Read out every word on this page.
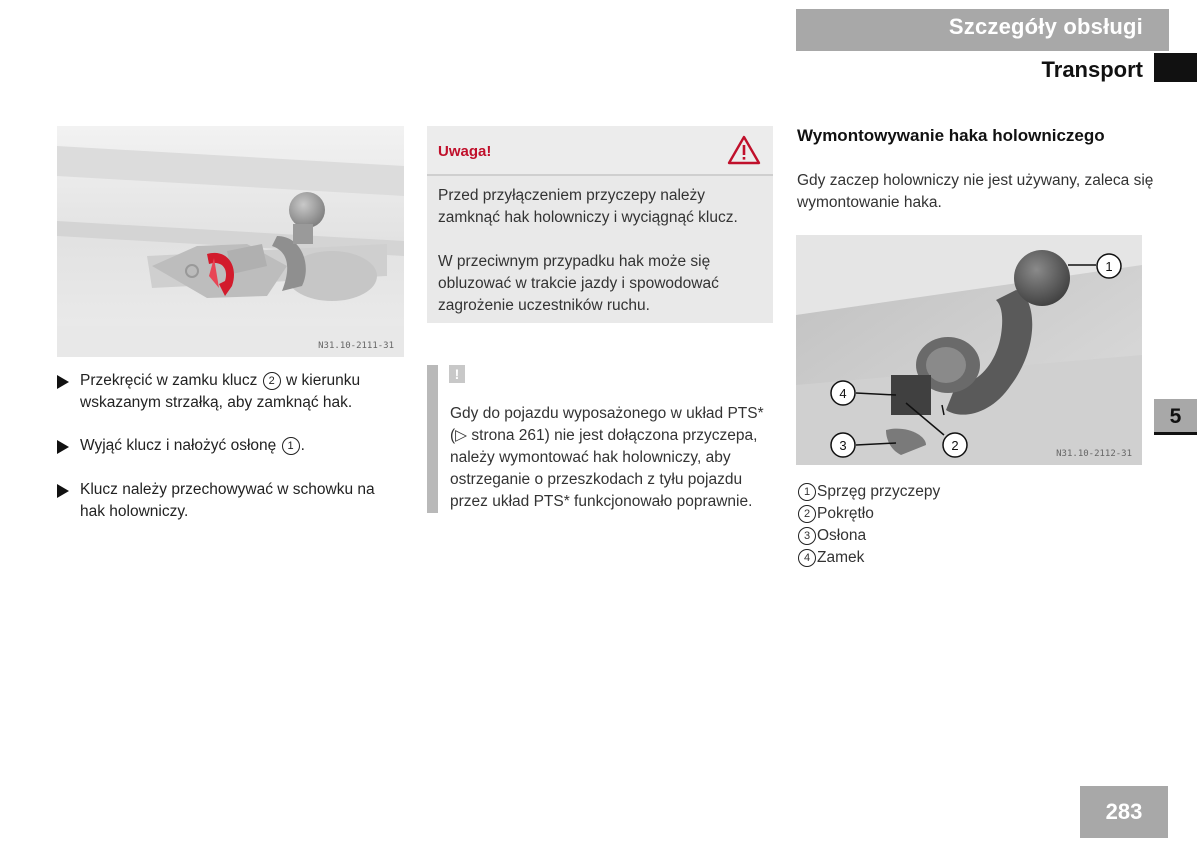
Szczegóły obsługi
Transport
N31.10-2111-31
Przekręcić w zamku klucz 2 w kierunku wskazanym strzałką, aby zamknąć hak.
Wyjąć klucz i nałożyć osłonę 1 .
Klucz należy przechowywać w schowku na hak holowniczy.
Uwaga!
Przed przyłączeniem przyczepy należy zamknąć hak holowniczy i wyciągnąć klucz.
W przeciwnym przypadku hak może się obluzować w trakcie jazdy i spowodować zagrożenie uczestników ruchu.
!
Gdy do pojazdu wyposażonego w układ PTS* (▷ strona 261) nie jest dołączona przyczepa, należy wymontować hak holowniczy, aby ostrzeganie o przeszkodach z tyłu pojazdu przez układ PTS* funkcjonowało poprawnie.
Wymontowywanie haka holowniczego
Gdy zaczep holowniczy nie jest używany, zaleca się wymontowanie haka.
1
2
3
4
N31.10-2112-31
1 Sprzęg przyczepy
2 Pokrętło
3 Osłona
4 Zamek
5
283
